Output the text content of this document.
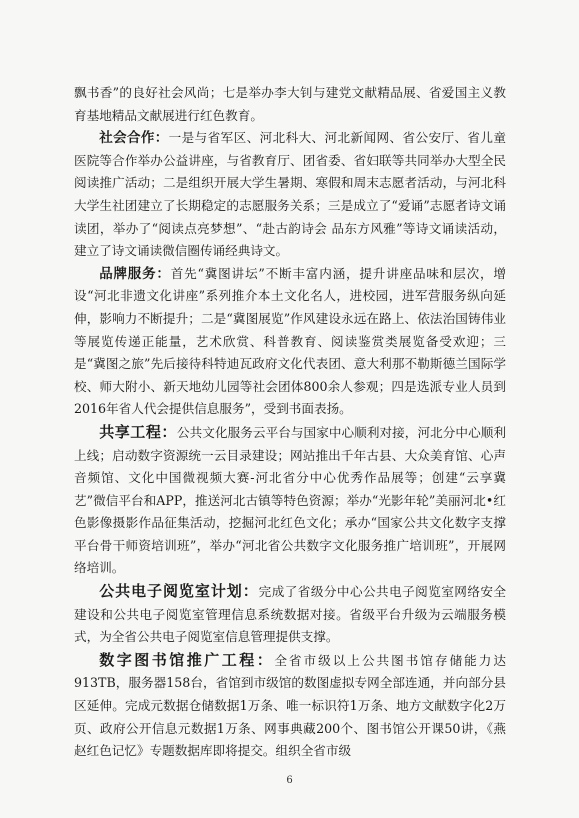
飘书香”的良好社会风尚；七是举办李大钊与建党文献精品展、省爱国主义教育基地精品文献展进行红色教育。

社会合作：一是与省军区、河北科大、河北新闻网、省公安厅、省儿童医院等合作举办公益讲座，与省教育厅、团省委、省妇联等共同举办大型全民阅读推广活动；二是组织开展大学生暑期、寒假和周末志愿者活动，与河北科大学生社团建立了长期稳定的志愿服务关系；三是成立了“爱诵”志愿者诗文诵读团，举办了“阅读点亮梦想”、“赴古韵诗会 品东方风雅”等诗文诵读活动，建立了诗文诵读微信圈传诵经典诗文。

品牌服务：首先“冀图讲坛”不断丰富内涵，提升讲座品味和层次，增设“河北非遗文化讲座”系列推介本土文化名人，进校园，进军营服务纵向延伸，影响力不断提升；二是“冀图展览”作风建设永远在路上、依法治国铸伟业等展览传递正能量，艺术欣赏、科普教育、阅读鉴赏类展览备受欢迎；三是“冀图之旅”先后接待科特迪瓦政府文化代表团、意大利那不勒斯德兰国际学校、师大附小、新天地幼儿园等社会团体800余人参观；四是选派专业人员到2016年省人代会提供信息服务”，受到书面表扬。

共享工程：公共文化服务云平台与国家中心顺利对接，河北分中心顺利上线；启动数字资源统一云目录建设；网站推出千年古县、大众美育馆、心声音频馆、文化中国微视频大赛-河北省分中心优秀作品展等；创建“云享冀艺”微信平台和APP，推送河北古镇等特色资源；举办“光影年轮”美丽河北•红色影像摄影作品征集活动，挖掘河北红色文化；承办“国家公共文化数字支撑平台骨干师资培训班”，举办“河北省公共数字文化服务推广培训班”，开展网络培训。

公共电子阅览室计划：完成了省级分中心公共电子阅览室网络安全建设和公共电子阅览室管理信息系统数据对接。省级平台升级为云端服务模式，为全省公共电子阅览室信息管理提供支撑。

数字图书馆推广工程：全省市级以上公共图书馆存储能力达913TB，服务器158台，省馆到市级馆的数图虚拟专网全部连通，并向部分县区延伸。完成元数据仓储数据1万条、唯一标识符1万条、地方文献数字化2万页、政府公开信息元数据1万条、网事典藏200个、图书馆公开课50讲，《燕赵红色记忆》专题数据库即将提交。组织全省市级

6
